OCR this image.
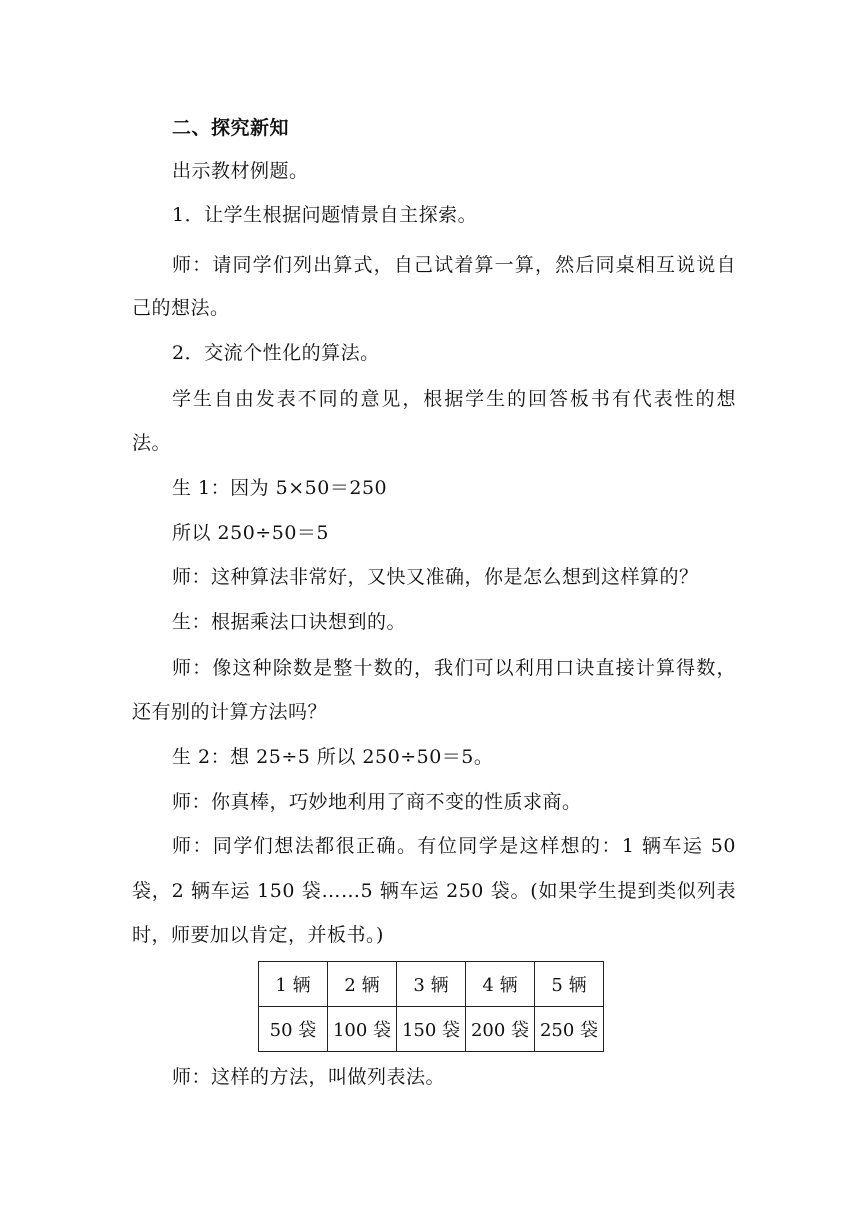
二、探究新知
出示教材例题。
1．让学生根据问题情景自主探索。
师：请同学们列出算式，自己试着算一算，然后同桌相互说说自
己的想法。
2．交流个性化的算法。
学生自由发表不同的意见，根据学生的回答板书有代表性的想
法。
生 1：因为 5×50＝250
所以 250÷50＝5
师：这种算法非常好，又快又准确，你是怎么想到这样算的？
生：根据乘法口诀想到的。
师：像这种除数是整十数的，我们可以利用口诀直接计算得数，
还有别的计算方法吗？
生 2：想 25÷5 所以 250÷50＝5。
师：你真棒，巧妙地利用了商不变的性质求商。
师：同学们想法都很正确。有位同学是这样想的：1 辆车运 50
袋，2 辆车运 150 袋……5 辆车运 250 袋。(如果学生提到类似列表
时，师要加以肯定，并板书。)
1 辆	2 辆	3 辆	4 辆	5 辆
50 袋	100 袋	150 袋	200 袋	250 袋
师：这样的方法，叫做列表法。
